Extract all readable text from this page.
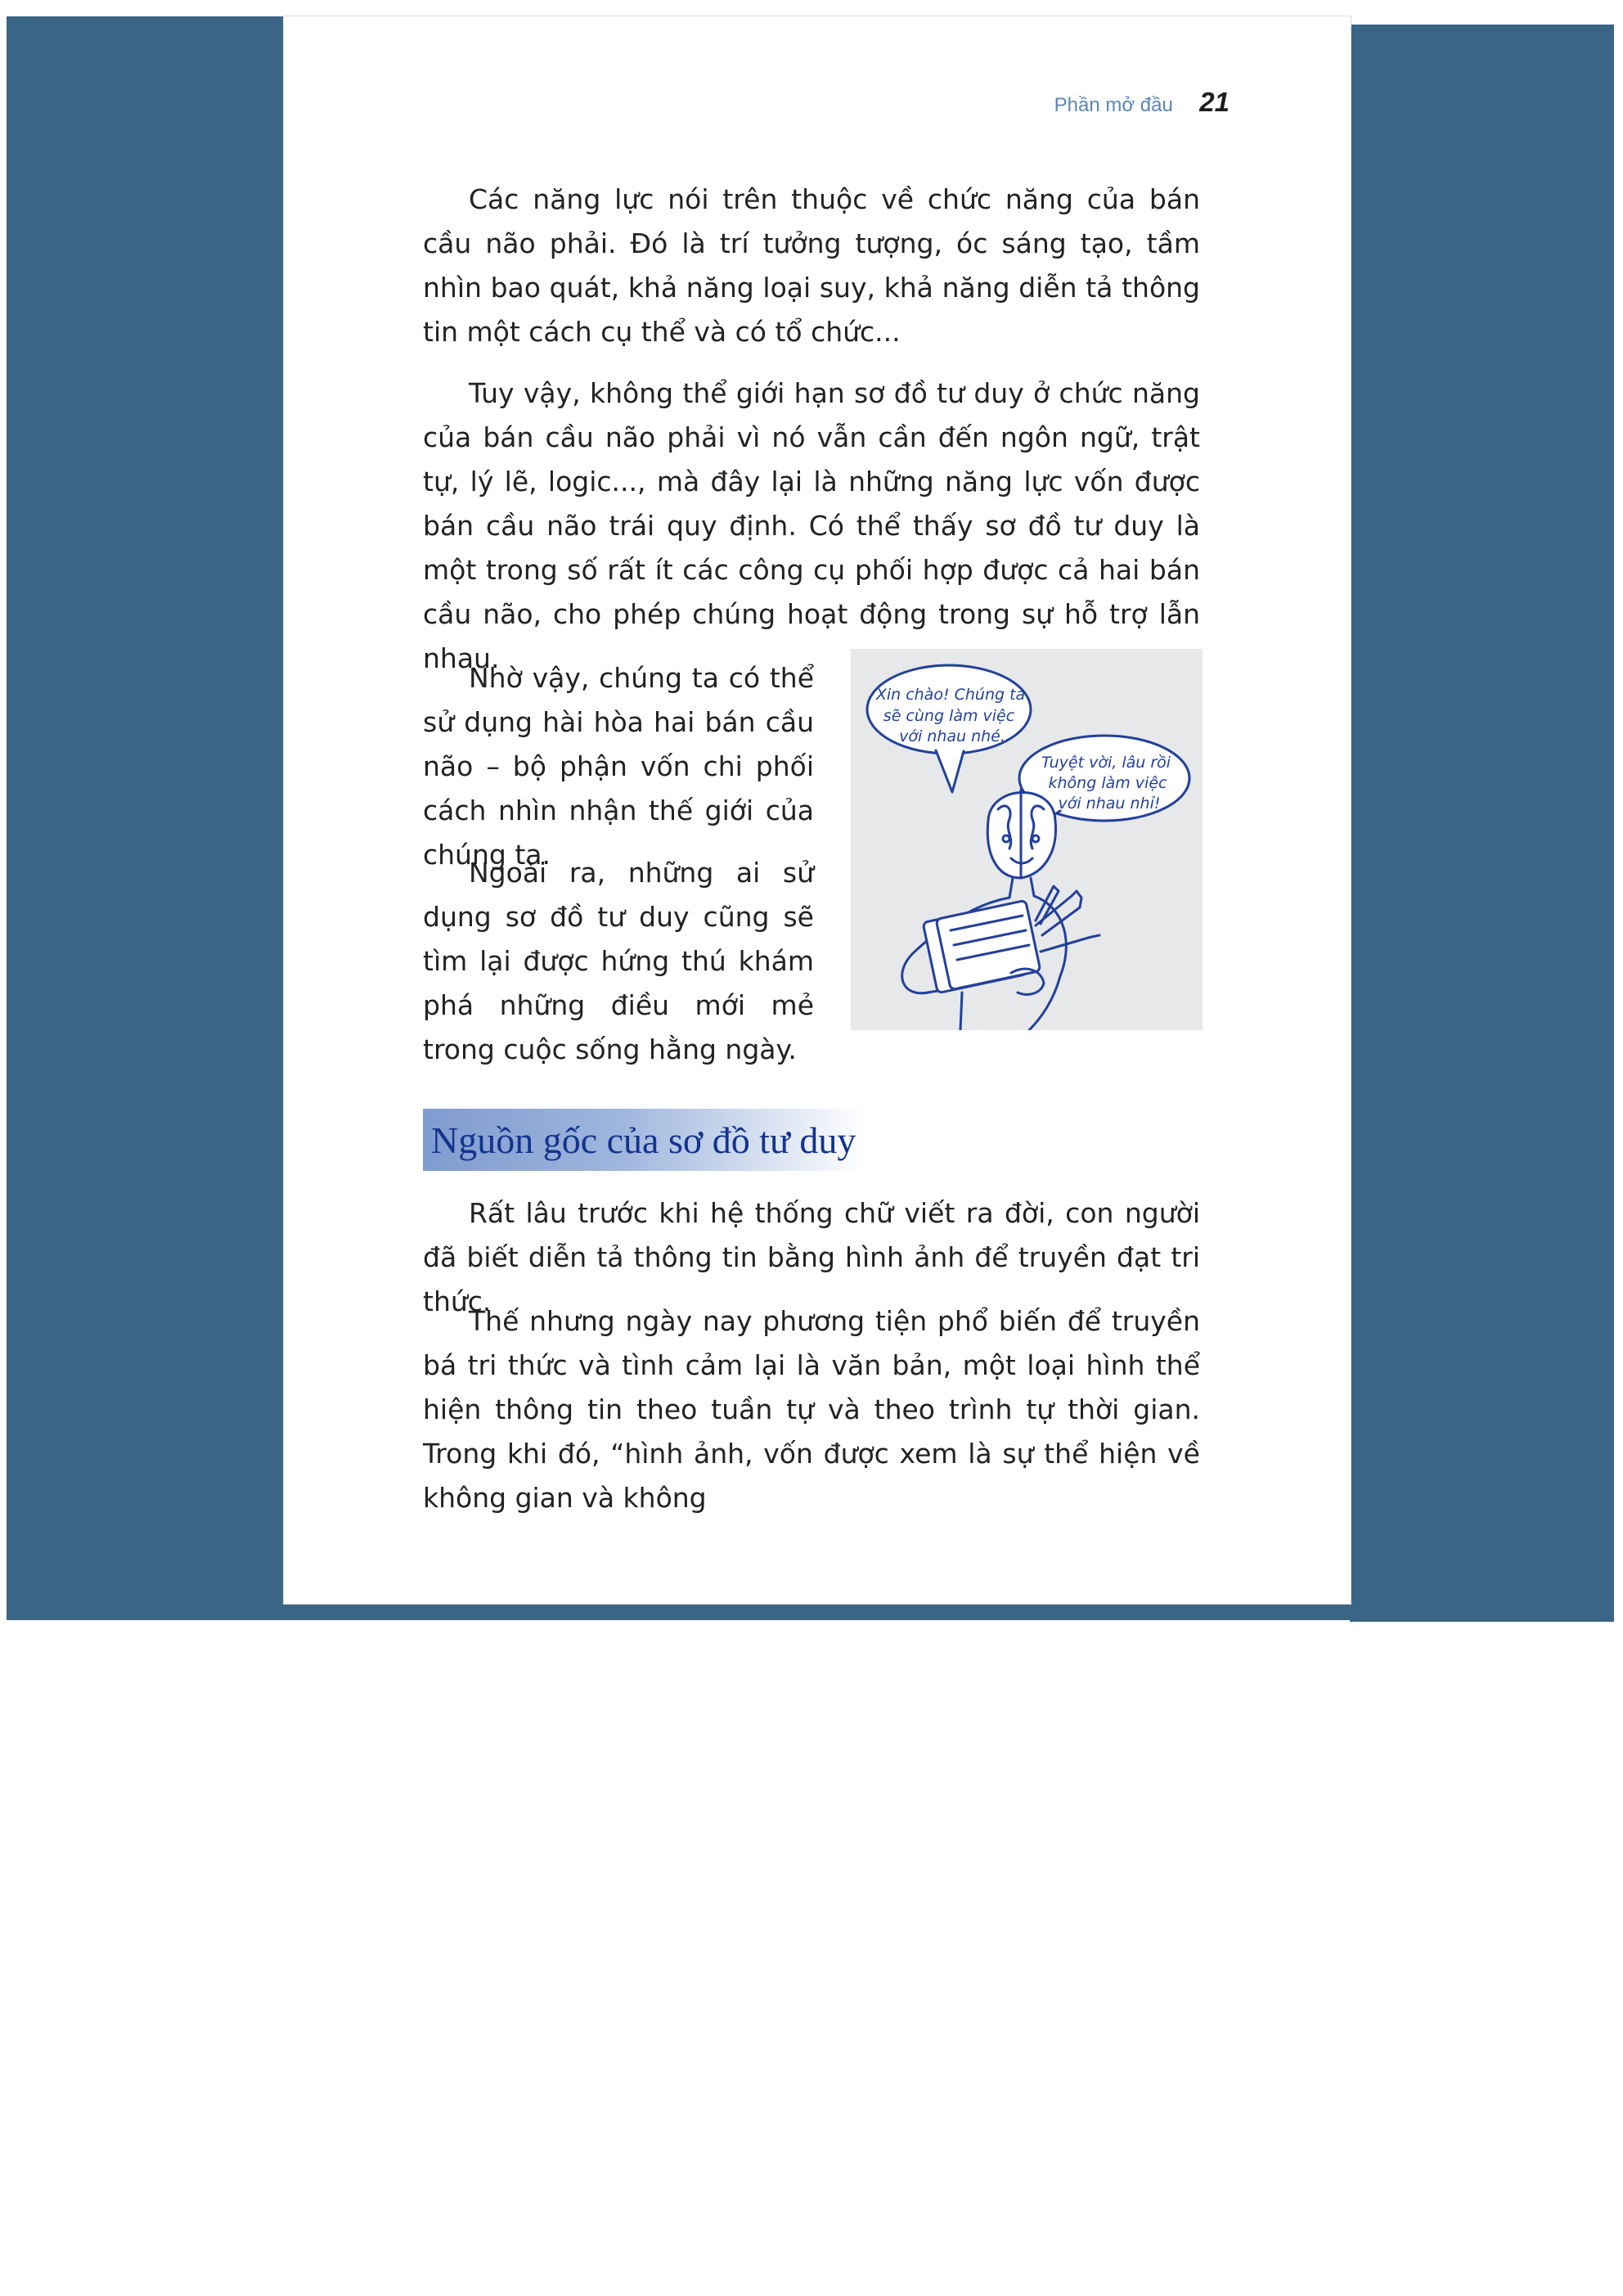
Phần mở đầu 21

Các năng lực nói trên thuộc về chức năng của bán cầu não phải. Đó là trí tưởng tượng, óc sáng tạo, tầm nhìn bao quát, khả năng loại suy, khả năng diễn tả thông tin một cách cụ thể và có tổ chức...

Tuy vậy, không thể giới hạn sơ đồ tư duy ở chức năng của bán cầu não phải vì nó vẫn cần đến ngôn ngữ, trật tự, lý lẽ, logic..., mà đây lại là những năng lực vốn được bán cầu não trái quy định. Có thể thấy sơ đồ tư duy là một trong số rất ít các công cụ phối hợp được cả hai bán cầu não, cho phép chúng hoạt động trong sự hỗ trợ lẫn nhau.

Nhờ vậy, chúng ta có thể sử dụng hài hòa hai bán cầu não – bộ phận vốn chi phối cách nhìn nhận thế giới của chúng ta.

Ngoài ra, những ai sử dụng sơ đồ tư duy cũng sẽ tìm lại được hứng thú khám phá những điều mới mẻ trong cuộc sống hằng ngày.

Xin chào! Chúng ta
sẽ cùng làm việc
với nhau nhé.
Tuyệt vời, lâu rồi
không làm việc
với nhau nhỉ!
Nguồn gốc của sơ đồ tư duy

Rất lâu trước khi hệ thống chữ viết ra đời, con người đã biết diễn tả thông tin bằng hình ảnh để truyền đạt tri thức.

Thế nhưng ngày nay phương tiện phổ biến để truyền bá tri thức và tình cảm lại là văn bản, một loại hình thể hiện thông tin theo tuần tự và theo trình tự thời gian. Trong khi đó, “hình ảnh, vốn được xem là sự thể hiện về không gian và không
